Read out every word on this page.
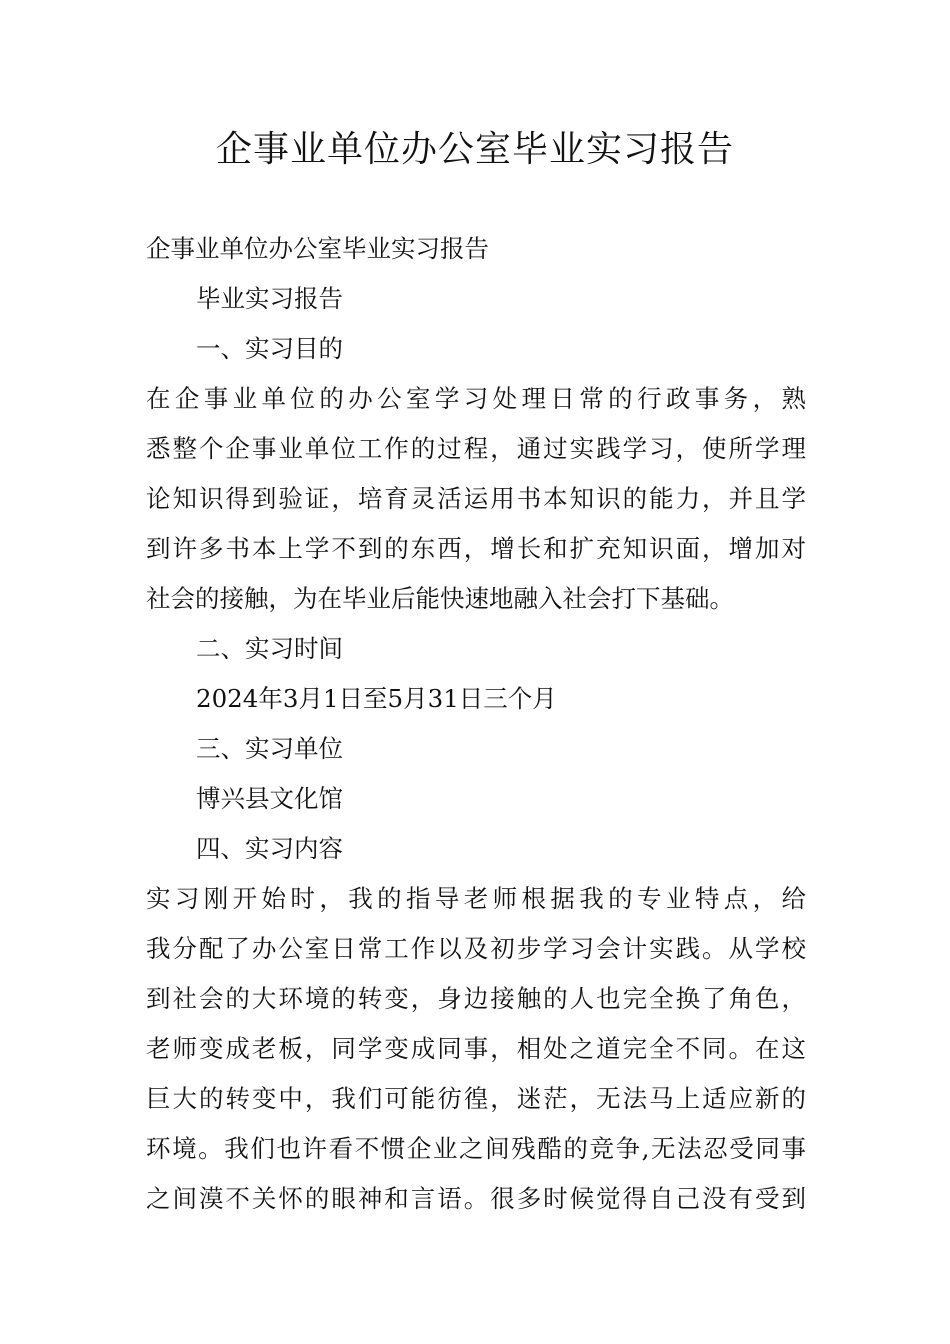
企事业单位办公室毕业实习报告

企事业单位办公室毕业实习报告

毕业实习报告

一、实习目的

在企事业单位的办公室学习处理日常的行政事务，熟

悉整个企事业单位工作的过程，通过实践学习，使所学理

论知识得到验证，培育灵活运用书本知识的能力，并且学

到许多书本上学不到的东西，增长和扩充知识面，增加对

社会的接触，为在毕业后能快速地融入社会打下基础。

二、实习时间

2024年3月1日至5月31日三个月

三、实习单位

博兴县文化馆

四、实习内容

实习刚开始时，我的指导老师根据我的专业特点，给

我分配了办公室日常工作以及初步学习会计实践。从学校

到社会的大环境的转变，身边接触的人也完全换了角色，

老师变成老板，同学变成同事，相处之道完全不同。在这

巨大的转变中，我们可能彷徨，迷茫，无法马上适应新的

环境。我们也许看不惯企业之间残酷的竞争,无法忍受同事

之间漠不关怀的眼神和言语。很多时候觉得自己没有受到
